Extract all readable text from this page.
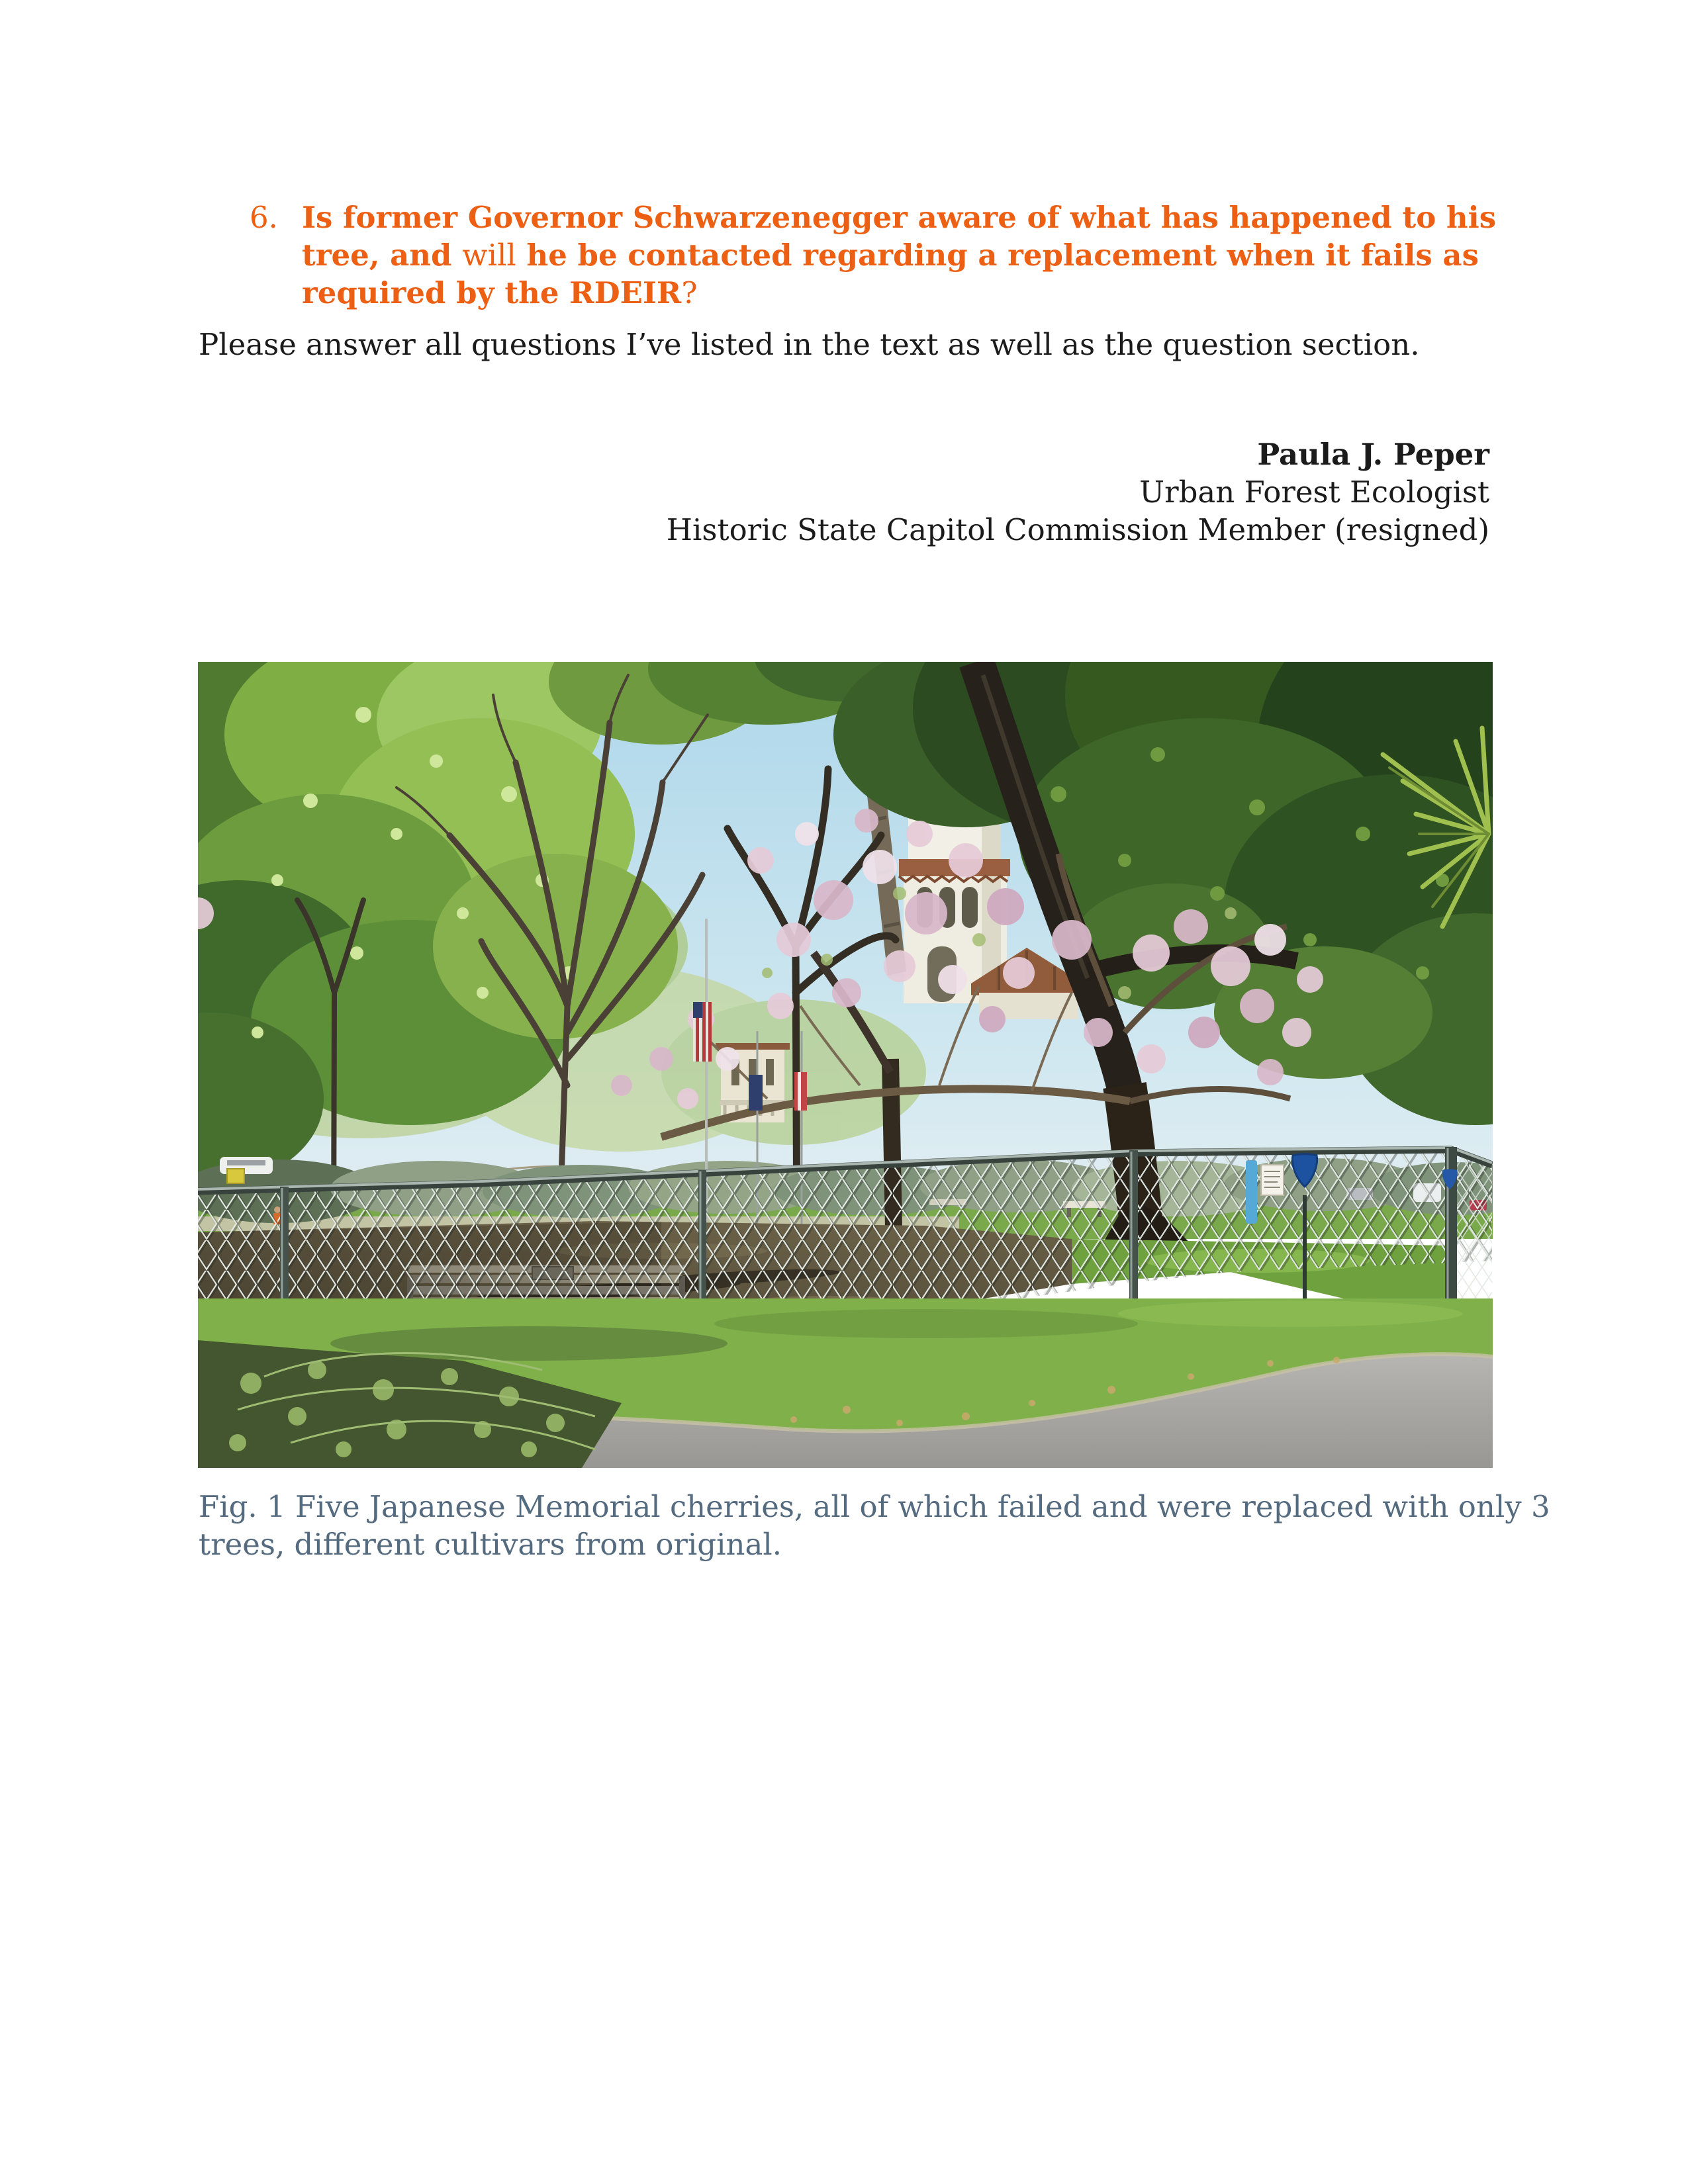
6. Is former Governor Schwarzenegger aware of what has happened to his
tree, and will he be contacted regarding a replacement when it fails as
required by the RDEIR?
Please answer all questions I’ve listed in the text as well as the question section.
Paula J. Peper
Urban Forest Ecologist
Historic State Capitol Commission Member (resigned)
Fig. 1 Five Japanese Memorial cherries, all of which failed and were replaced with only 3
trees, different cultivars from original.
